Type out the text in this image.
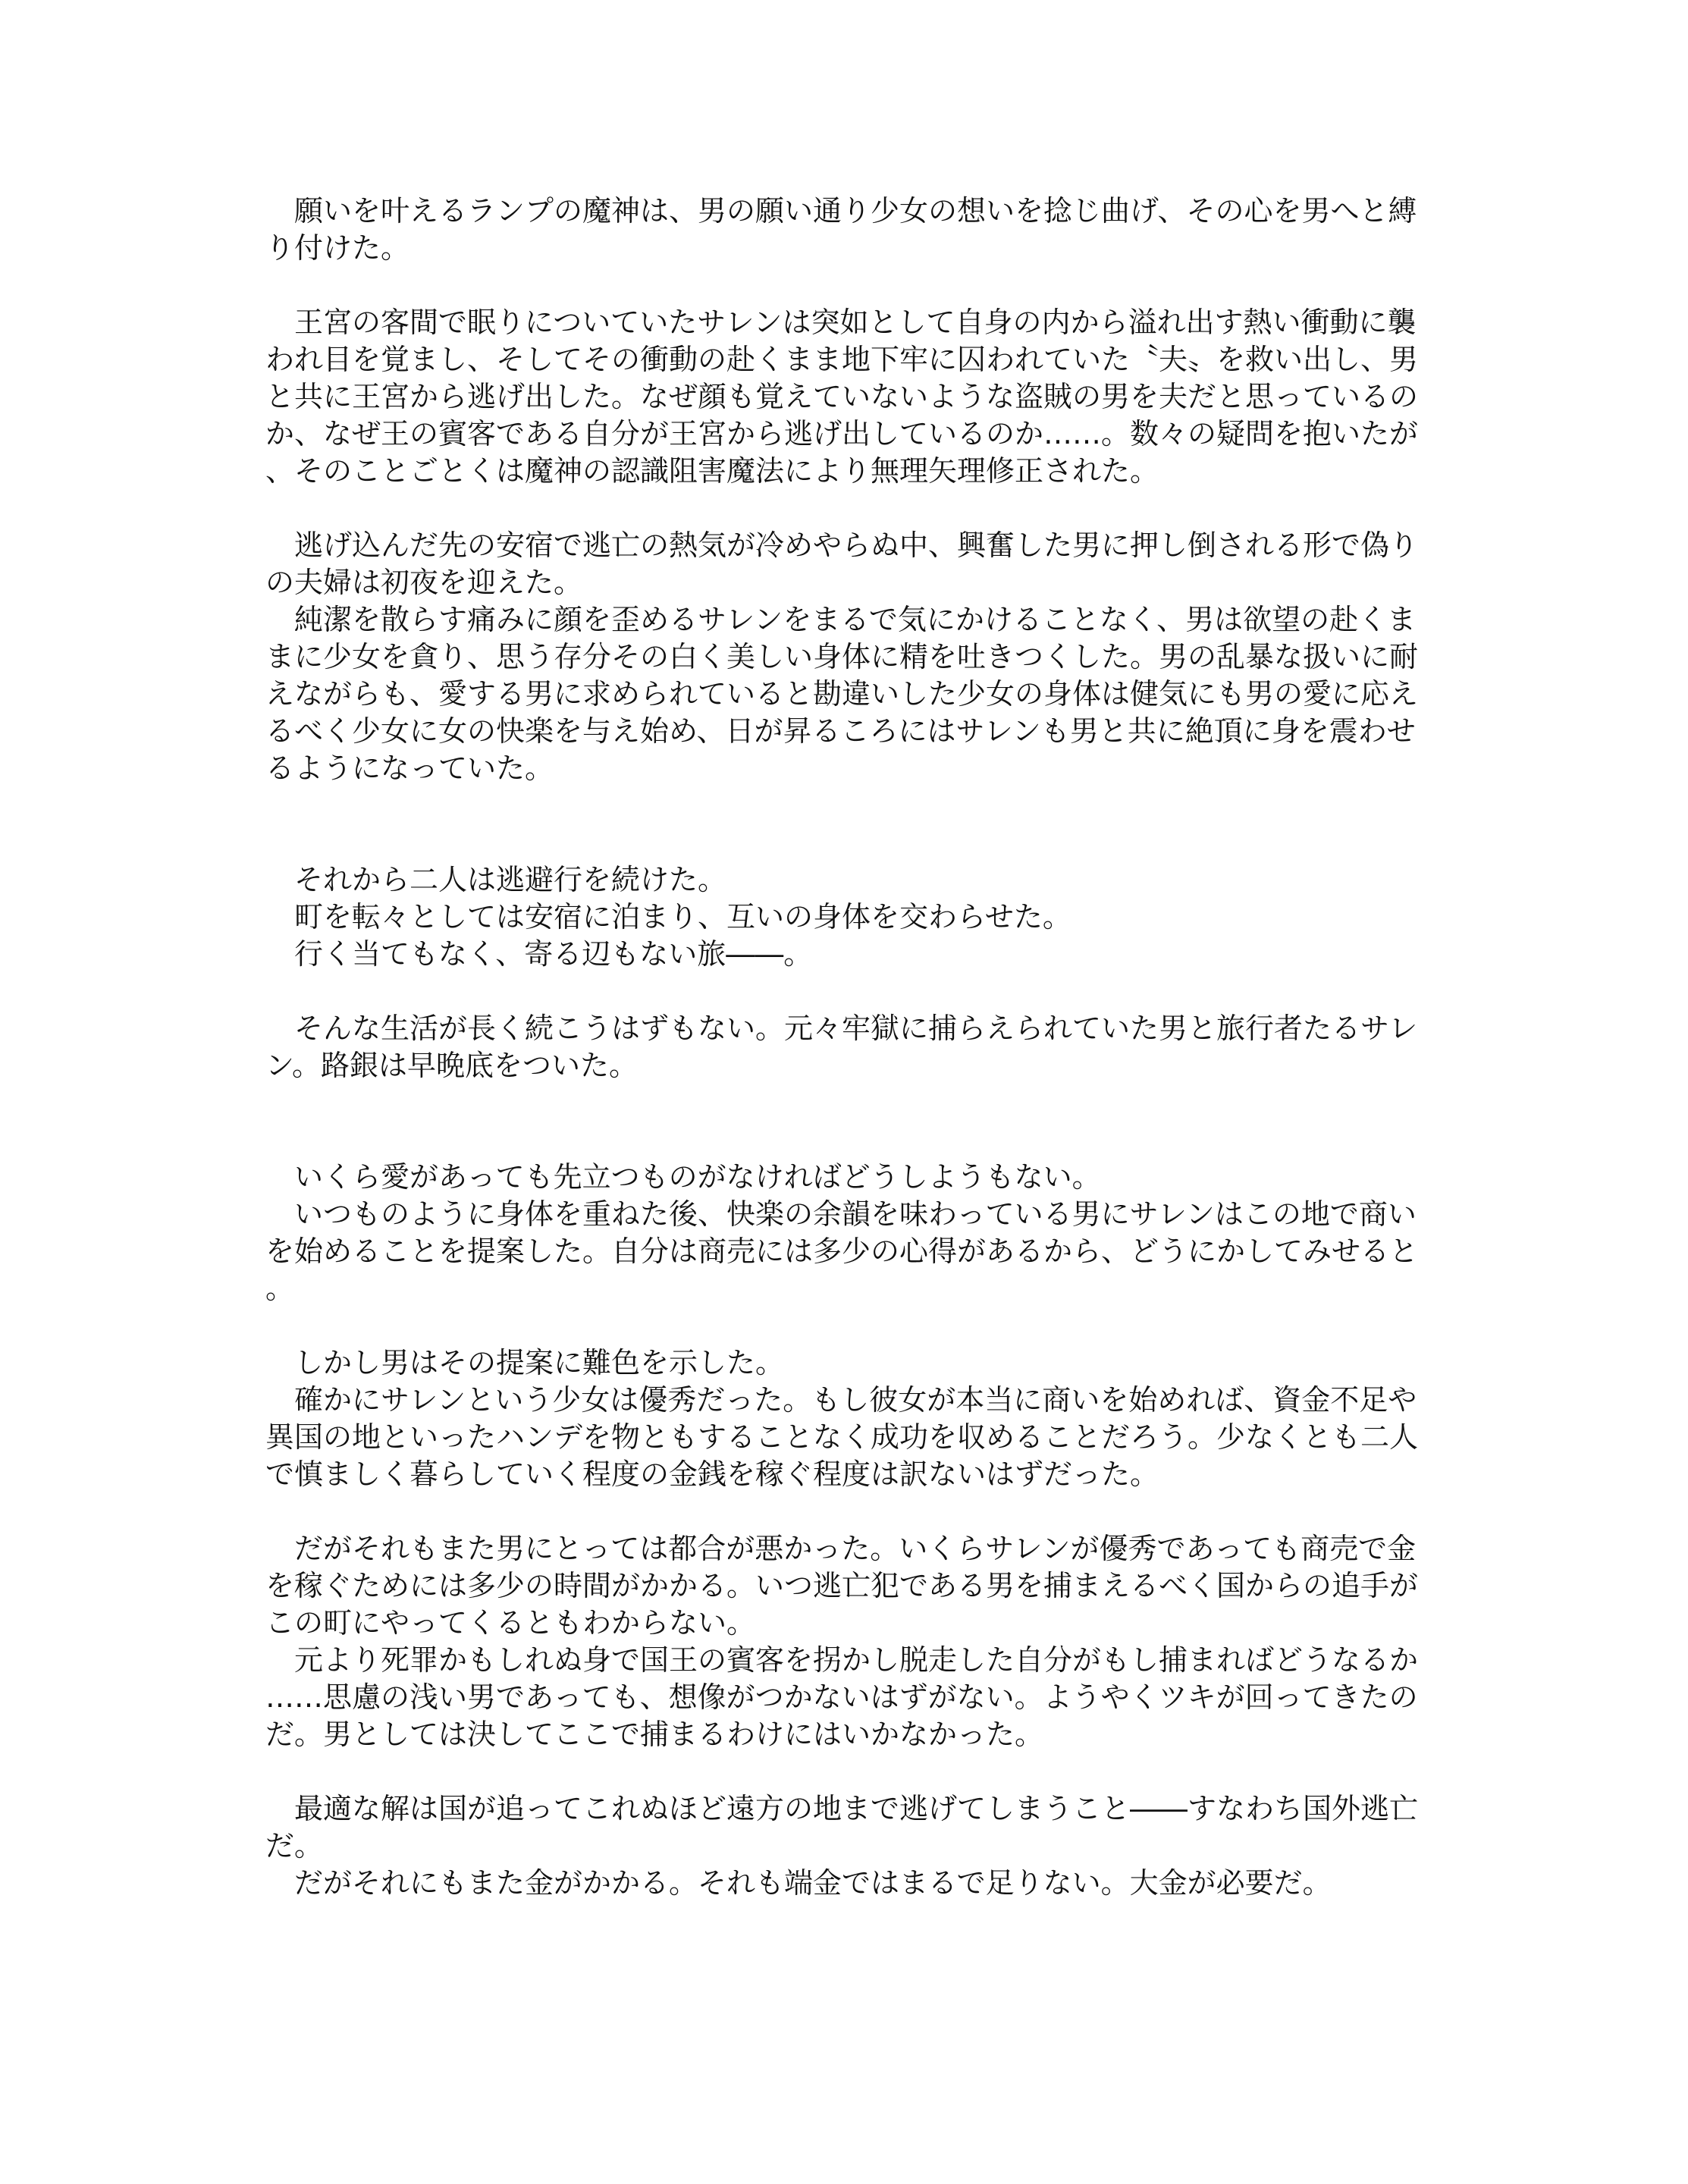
　願いを叶えるランプの魔神は、男の願い通り少女の想いを捻じ曲げ、その心を男へと縛
り付けた。
　王宮の客間で眠りについていたサレンは突如として自身の内から溢れ出す熱い衝動に襲
われ目を覚まし、そしてその衝動の赴くまま地下牢に囚われていた〝夫〟を救い出し、男
と共に王宮から逃げ出した。なぜ顔も覚えていないような盗賊の男を夫だと思っているの
か、なぜ王の賓客である自分が王宮から逃げ出しているのか……。数々の疑問を抱いたが
、そのことごとくは魔神の認識阻害魔法により無理矢理修正された。
　逃げ込んだ先の安宿で逃亡の熱気が冷めやらぬ中、興奮した男に押し倒される形で偽り
の夫婦は初夜を迎えた。
　純潔を散らす痛みに顔を歪めるサレンをまるで気にかけることなく、男は欲望の赴くま
まに少女を貪り、思う存分その白く美しい身体に精を吐きつくした。男の乱暴な扱いに耐
えながらも、愛する男に求められていると勘違いした少女の身体は健気にも男の愛に応え
るべく少女に女の快楽を与え始め、日が昇るころにはサレンも男と共に絶頂に身を震わせ
るようになっていた。
　それから二人は逃避行を続けた。
　町を転々としては安宿に泊まり、互いの身体を交わらせた。
　行く当てもなく、寄る辺もない旅――。
　そんな生活が長く続こうはずもない。元々牢獄に捕らえられていた男と旅行者たるサレ
ン。路銀は早晩底をついた。
　いくら愛があっても先立つものがなければどうしようもない。
　いつものように身体を重ねた後、快楽の余韻を味わっている男にサレンはこの地で商い
を始めることを提案した。自分は商売には多少の心得があるから、どうにかしてみせると
。
　しかし男はその提案に難色を示した。
　確かにサレンという少女は優秀だった。もし彼女が本当に商いを始めれば、資金不足や
異国の地といったハンデを物ともすることなく成功を収めることだろう。少なくとも二人
で慎ましく暮らしていく程度の金銭を稼ぐ程度は訳ないはずだった。
　だがそれもまた男にとっては都合が悪かった。いくらサレンが優秀であっても商売で金
を稼ぐためには多少の時間がかかる。いつ逃亡犯である男を捕まえるべく国からの追手が
この町にやってくるともわからない。
　元より死罪かもしれぬ身で国王の賓客を拐かし脱走した自分がもし捕まればどうなるか
……思慮の浅い男であっても、想像がつかないはずがない。ようやくツキが回ってきたの
だ。男としては決してここで捕まるわけにはいかなかった。
　最適な解は国が追ってこれぬほど遠方の地まで逃げてしまうこと――すなわち国外逃亡
だ。
　だがそれにもまた金がかかる。それも端金ではまるで足りない。大金が必要だ。
